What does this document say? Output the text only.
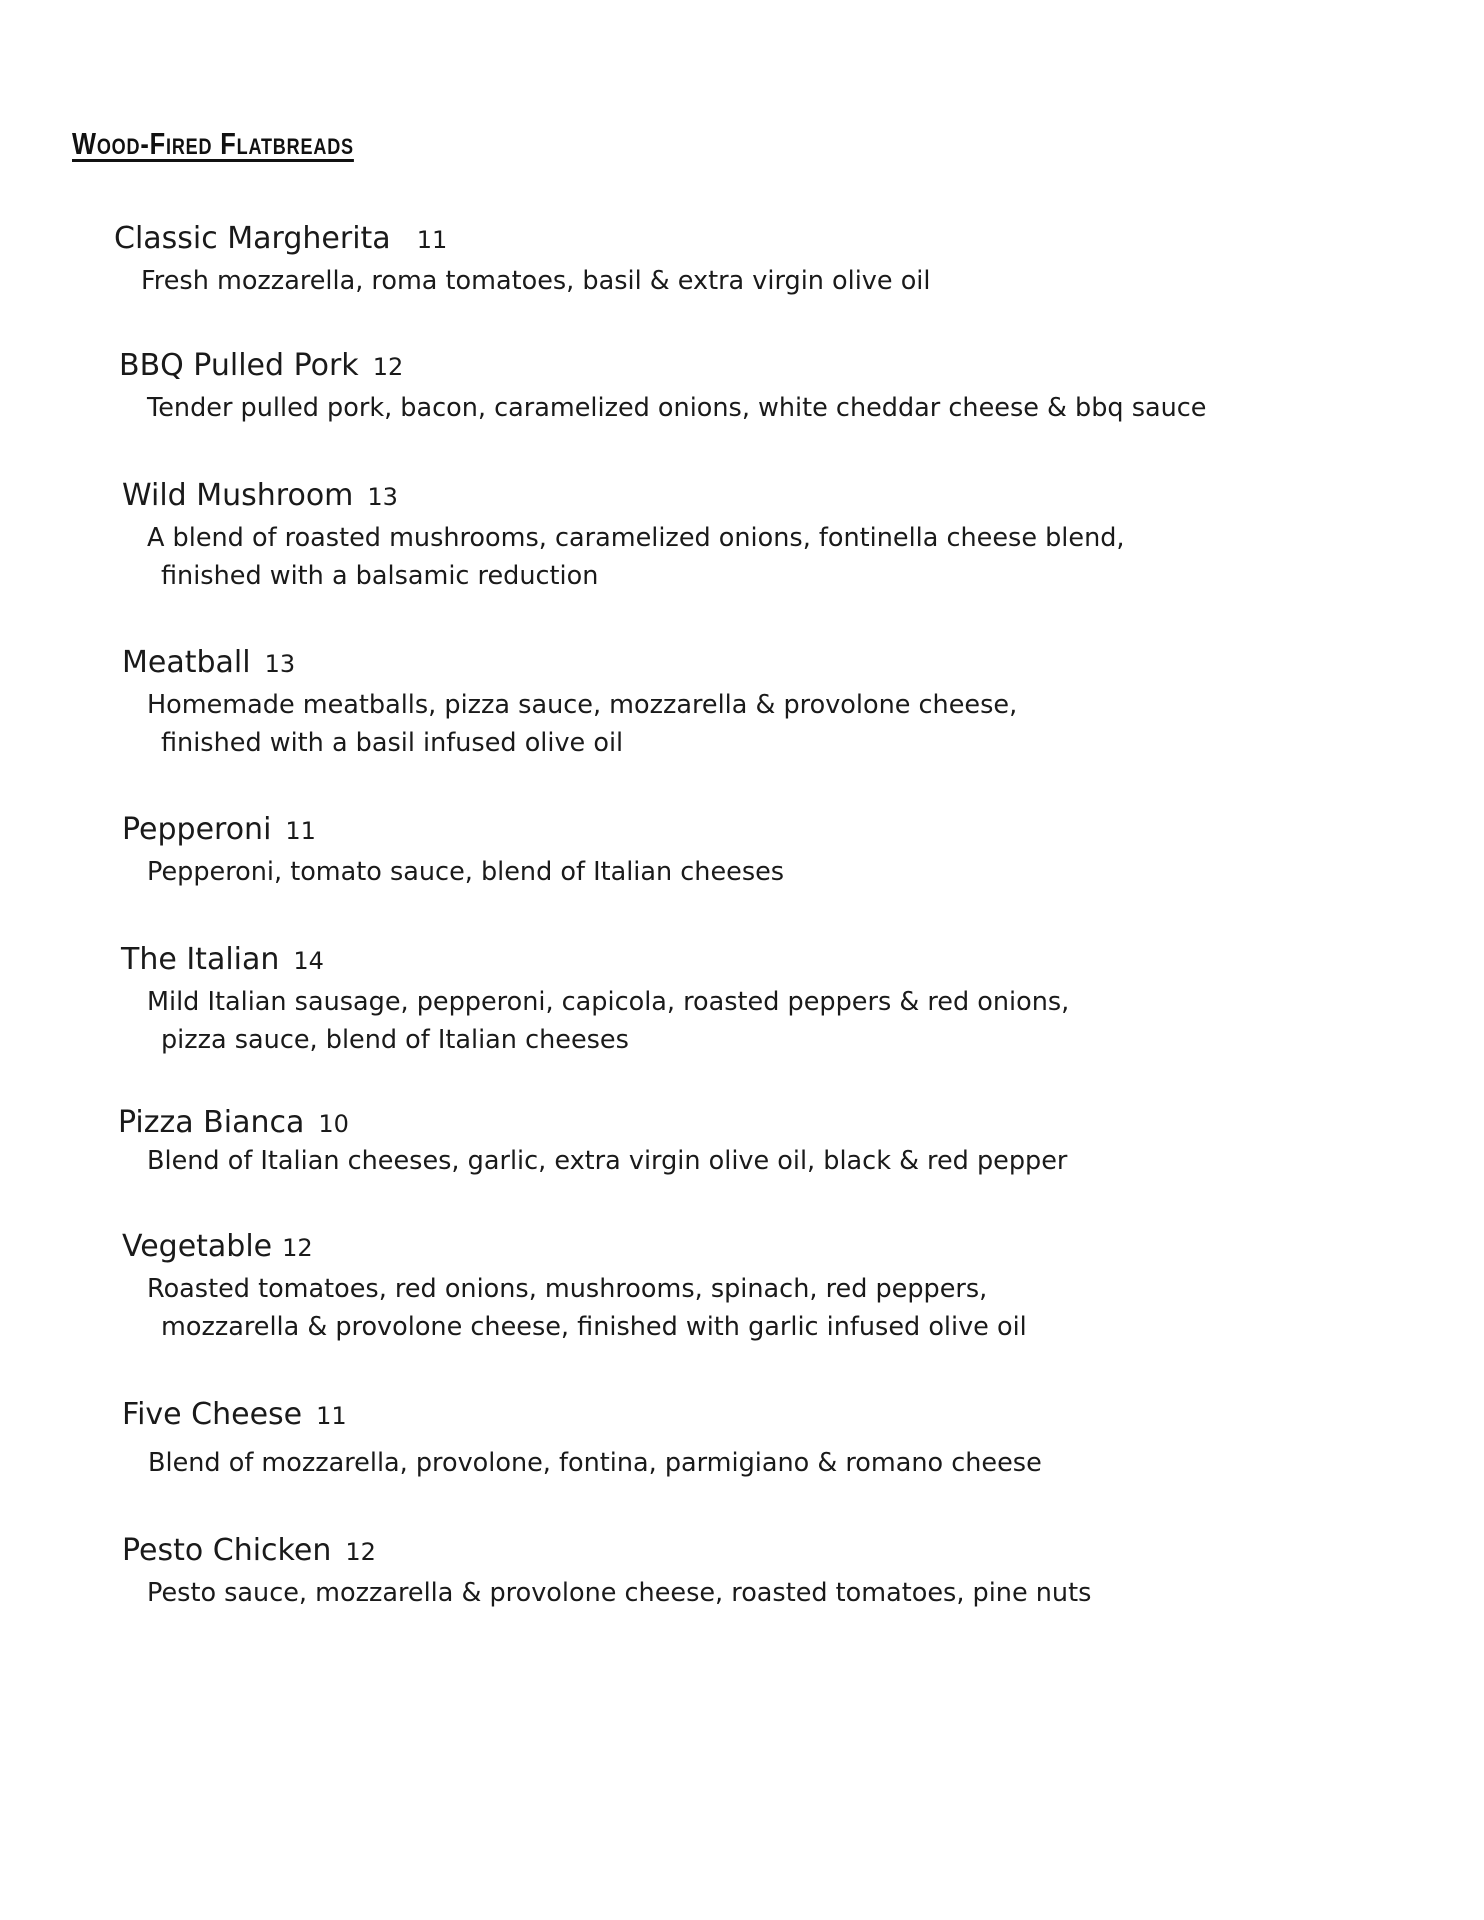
Wood-Fired Flatbreads
Classic Margherita 11
Fresh mozzarella, roma tomatoes, basil & extra virgin olive oil
BBQ Pulled Pork 12
Tender pulled pork, bacon, caramelized onions, white cheddar cheese & bbq sauce
Wild Mushroom 13
A blend of roasted mushrooms, caramelized onions, fontinella cheese blend,
finished with a balsamic reduction
Meatball 13
Homemade meatballs, pizza sauce, mozzarella & provolone cheese,
finished with a basil infused olive oil
Pepperoni 11
Pepperoni, tomato sauce, blend of Italian cheeses
The Italian 14
Mild Italian sausage, pepperoni, capicola, roasted peppers & red onions,
pizza sauce, blend of Italian cheeses
Pizza Bianca 10
Blend of Italian cheeses, garlic, extra virgin olive oil, black & red pepper
Vegetable 12
Roasted tomatoes, red onions, mushrooms, spinach, red peppers,
mozzarella & provolone cheese, finished with garlic infused olive oil
Five Cheese 11
Blend of mozzarella, provolone, fontina, parmigiano & romano cheese
Pesto Chicken 12
Pesto sauce, mozzarella & provolone cheese, roasted tomatoes, pine nuts
